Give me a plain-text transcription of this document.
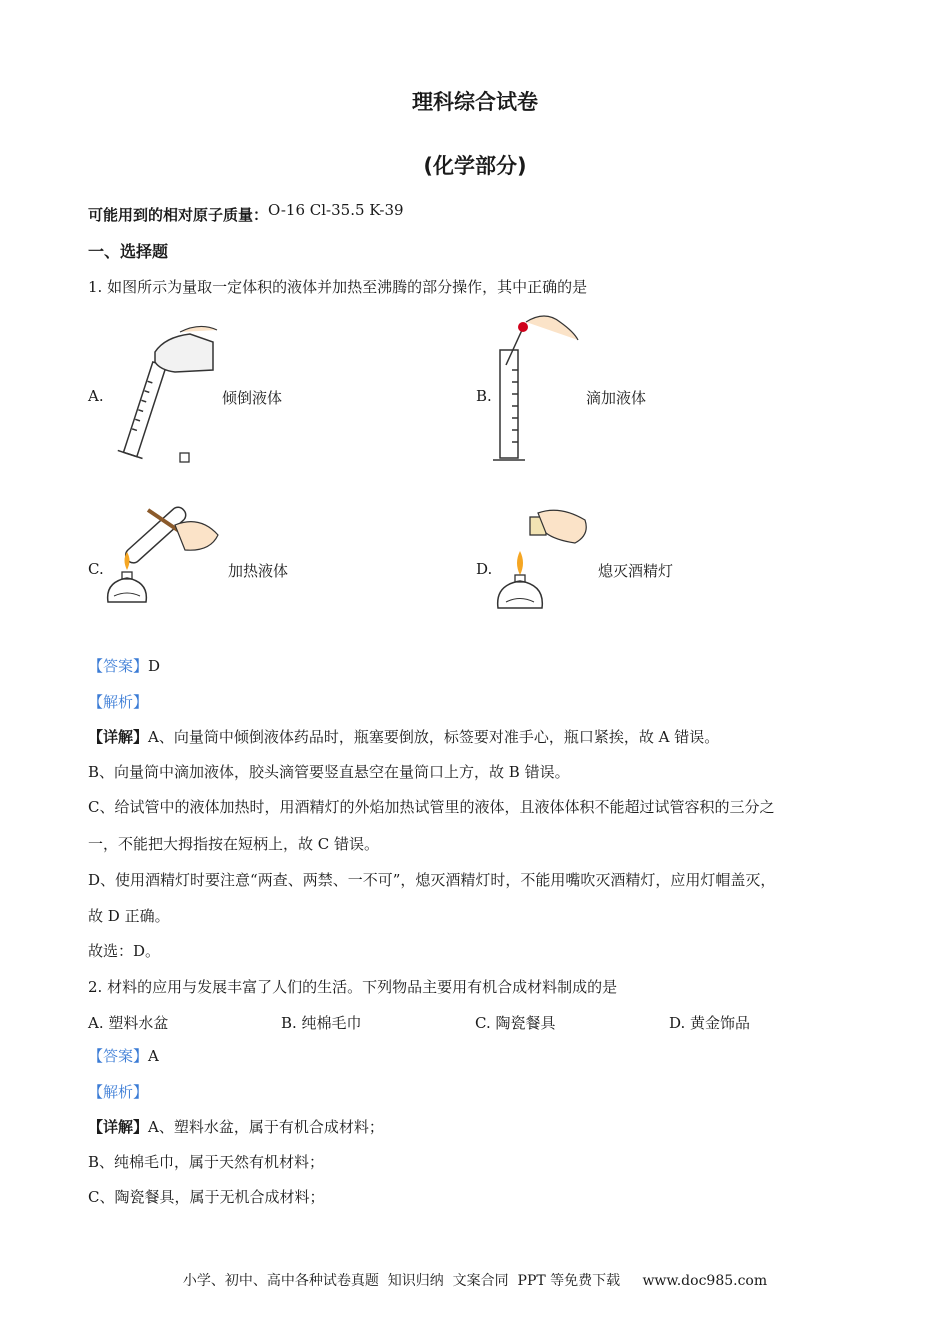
理科综合试卷
(化学部分)
可能用到的相对原子质量：O-16 Cl-35.5 K-39
一、选择题
1. 如图所示为量取一定体积的液体并加热至沸腾的部分操作，其中正确的是
A.	倾倒液体	B.	滴加液体
C.	加热液体	D.	熄灭酒精灯
【答案】D
【解析】
【详解】A、向量筒中倾倒液体药品时，瓶塞要倒放，标签要对准手心，瓶口紧挨，故 A 错误。
B、向量筒中滴加液体，胶头滴管要竖直悬空在量筒口上方，故 B 错误。
C、给试管中的液体加热时，用酒精灯的外焰加热试管里的液体，且液体体积不能超过试管容积的三分之
一，不能把大拇指按在短柄上，故 C 错误。
D、使用酒精灯时要注意“两查、两禁、一不可”，熄灭酒精灯时，不能用嘴吹灭酒精灯，应用灯帽盖灭，
故 D 正确。
故选：D。
2. 材料的应用与发展丰富了人们的生活。下列物品主要用有机合成材料制成的是
A. 塑料水盆	B. 纯棉毛巾	C. 陶瓷餐具	D. 黄金饰品
【答案】A
【解析】
【详解】A、塑料水盆，属于有机合成材料；
B、纯棉毛巾，属于天然有机材料；
C、陶瓷餐具，属于无机合成材料；
小学、初中、高中各种试卷真题  知识归纳  文案合同  PPT 等免费下载     www.doc985.com
